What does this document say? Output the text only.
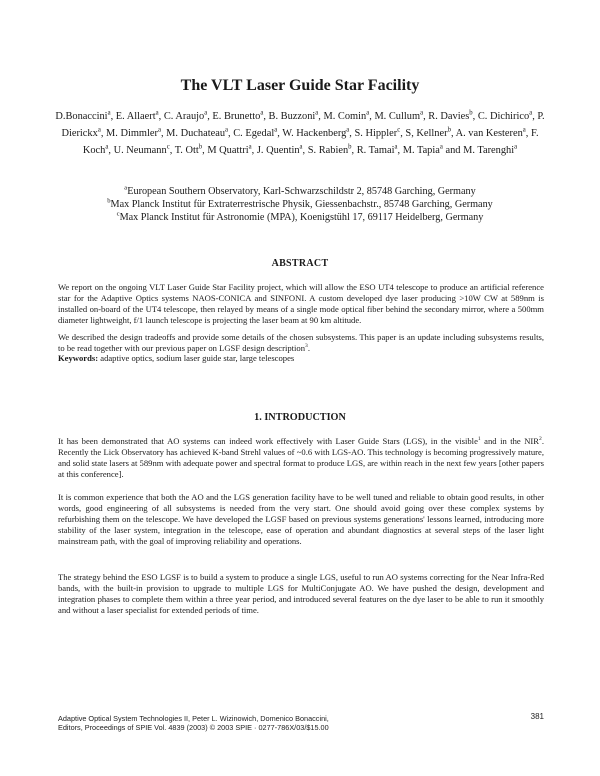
The VLT Laser Guide Star Facility
D.Bonaccini$^a$, E. Allaert$^a$, C. Araujo$^a$, E. Brunetto$^a$, B. Buzzoni$^a$, M. Comin$^a$, M. Cullum$^a$, R. Davies$^b$, C. Dichirico$^a$, P. Dierickx$^a$, M. Dimmler$^a$, M. Duchateau$^a$, C. Egedal$^a$, W. Hackenberg$^a$, S. Hippler$^c$, S, Kellner$^b$, A. van Kesteren$^a$, F. Koch$^a$, U. Neumann$^c$, T. Ott$^b$, M Quattri$^a$, J. Quentin$^a$, S. Rabien$^b$, R. Tamai$^a$, M. Tapia$^a$ and M. Tarenghi$^a$
$^a$European Southern Observatory, Karl-Schwarzschildstr 2, 85748 Garching, Germany
$^b$Max Planck Institut für Extraterrestrische Physik, Giessenbachstr., 85748 Garching, Germany
$^c$Max Planck Institut für Astronomie (MPA), Koenigstühl 17, 69117 Heidelberg, Germany
ABSTRACT
We report on the ongoing VLT Laser Guide Star Facility project, which will allow the ESO UT4 telescope to produce an artificial reference star for the Adaptive Optics systems NAOS-CONICA and SINFONI. A custom developed dye laser producing >10W CW at 589nm is installed on-board of the UT4 telescope, then relayed by means of a single mode optical fiber behind the secondary mirror, where a 500mm diameter lightweight, f/1 launch telescope is projecting the laser beam at 90 km altitude.
We described the design tradeoffs and provide some details of the chosen subsystems. This paper is an update including subsystems results, to be read together with our previous paper on LGSF design description$^3$.
Keywords: adaptive optics, sodium laser guide star, large telescopes
1. INTRODUCTION
It has been demonstrated that AO systems can indeed work effectively with Laser Guide Stars (LGS), in the visible$^1$ and in the NIR$^2$. Recently the Lick Observatory has achieved K-band Strehl values of ~0.6 with LGS-AO. This technology is becoming progressively mature, and solid state lasers at 589nm with adequate power and spectral format to produce LGS, are within reach in the next few years [other papers at this conference].
It is common experience that both the AO and the LGS generation facility have to be well tuned and reliable to obtain good results, in other words, good engineering of all subsystems is needed from the very start. One should avoid going over these complex systems by refurbishing them on the telescope. We have developed the LGSF based on previous systems generations' lessons learned, introducing more stability of the laser system, integration in the telescope, ease of operation and abundant diagnostics at several steps of the laser light mainstream path, with the goal of improving reliability and operations.
The strategy behind the ESO LGSF is to build a system to produce a single LGS, useful to run AO systems correcting for the Near Infra-Red bands, with the built-in provision to upgrade to multiple LGS for MultiConjugate AO. We have pushed the design, development and integration phases to complete them within a three year period, and introduced several features on the dye laser to be able to run it smoothly and without a laser specialist for extended periods of time.
Adaptive Optical System Technologies II, Peter L. Wizinowich, Domenico Bonaccini,
Editors, Proceedings of SPIE Vol. 4839 (2003) © 2003 SPIE · 0277-786X/03/$15.00
381
